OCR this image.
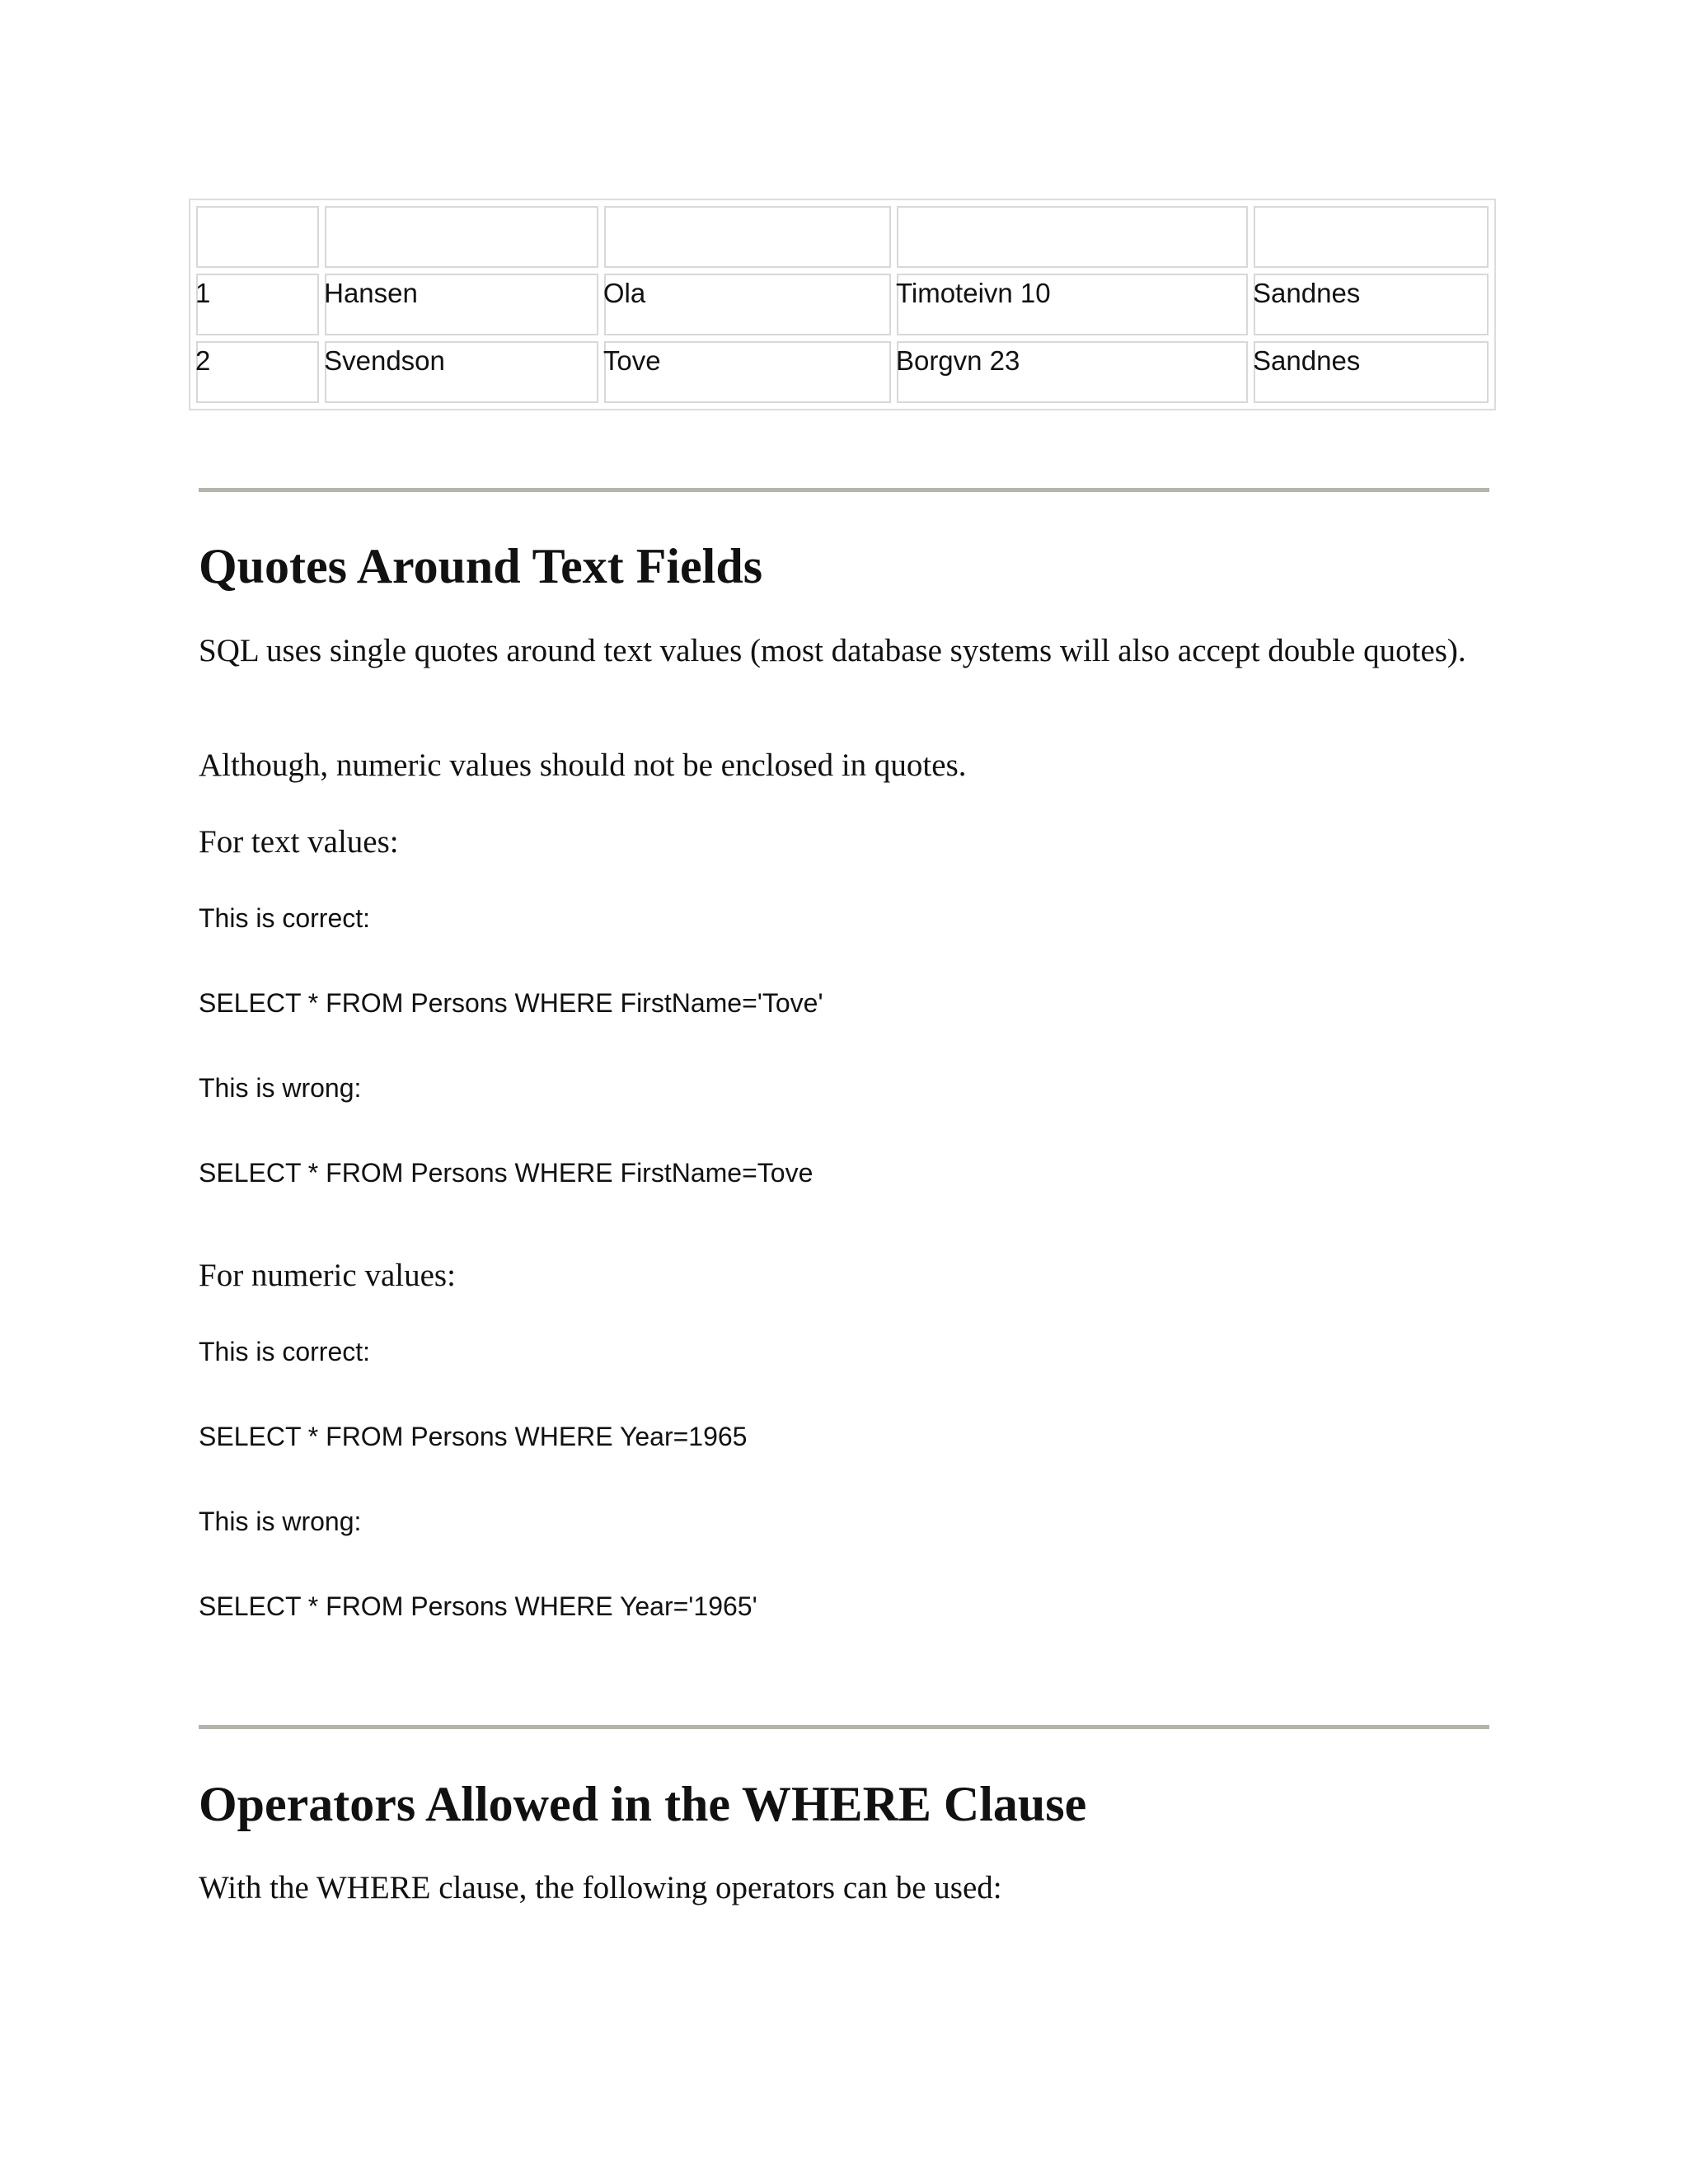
1	Hansen	Ola	Timoteivn 10	Sandnes

2	Svendson	Tove	Borgvn 23	Sandnes
Quotes Around Text Fields

SQL uses single quotes around text values (most database systems will also accept double quotes).

Although, numeric values should not be enclosed in quotes.

For text values:

This is correct:

SELECT * FROM Persons WHERE FirstName='Tove'

This is wrong:

SELECT * FROM Persons WHERE FirstName=Tove

For numeric values:

This is correct:

SELECT * FROM Persons WHERE Year=1965

This is wrong:

SELECT * FROM Persons WHERE Year='1965'

Operators Allowed in the WHERE Clause

With the WHERE clause, the following operators can be used:
